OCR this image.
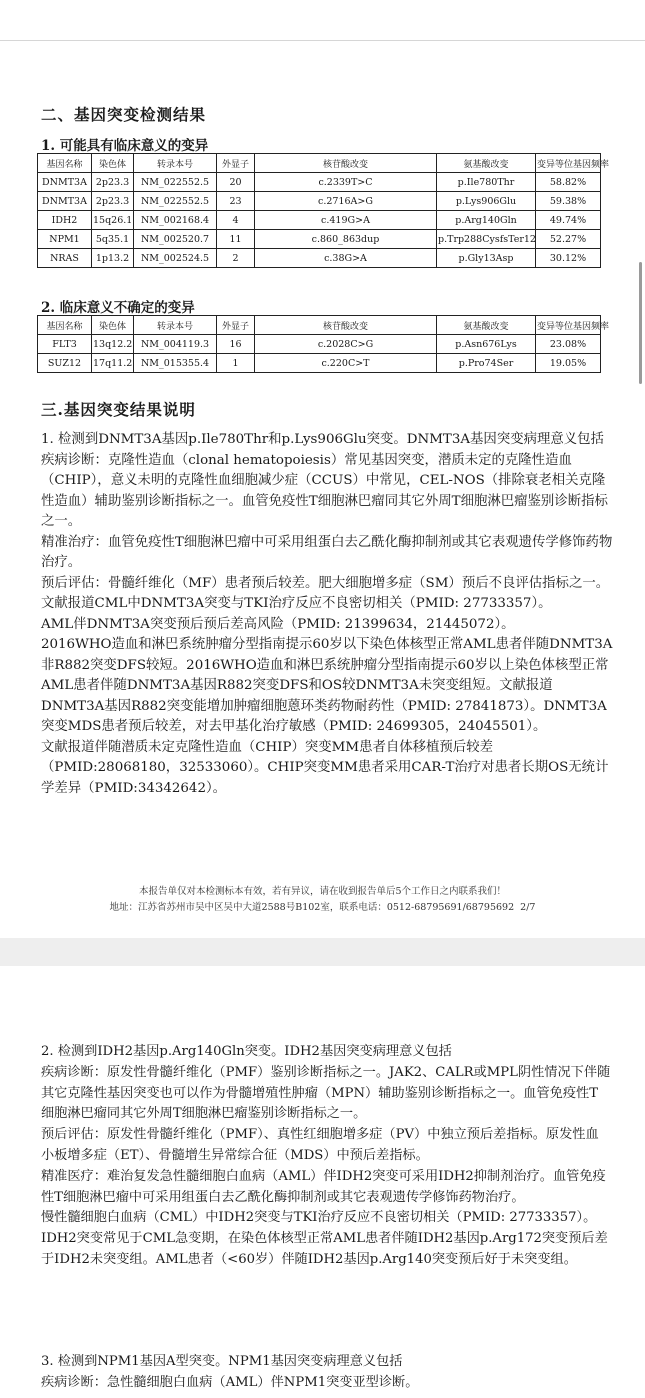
二、基因突变检测结果
1. 可能具有临床意义的变异
基因名称	染色体	转录本号	外显子	核苷酸改变	氨基酸改变	变异等位基因频率
DNMT3A	2p23.3	NM_022552.5	20	c.2339T>C	p.Ile780Thr	58.82%
DNMT3A	2p23.3	NM_022552.5	23	c.2716A>G	p.Lys906Glu	59.38%
IDH2	15q26.1	NM_002168.4	4	c.419G>A	p.Arg140Gln	49.74%
NPM1	5q35.1	NM_002520.7	11	c.860_863dup	p.Trp288CysfsTer12	52.27%
NRAS	1p13.2	NM_002524.5	2	c.38G>A	p.Gly13Asp	30.12%
2. 临床意义不确定的变异
基因名称	染色体	转录本号	外显子	核苷酸改变	氨基酸改变	变异等位基因频率
FLT3	13q12.2	NM_004119.3	16	c.2028C>G	p.Asn676Lys	23.08%
SUZ12	17q11.2	NM_015355.4	1	c.220C>T	p.Pro74Ser	19.05%
三.基因突变结果说明

1. 检测到DNMT3A基因p.Ile780Thr和p.Lys906Glu突变。DNMT3A基因突变病理意义包括

疾病诊断：克隆性造血（clonal hematopoiesis）常见基因突变，潜质未定的克隆性造血（CHIP），意义未明的克隆性血细胞减少症（CCUS）中常见，CEL-NOS（排除衰老相关克隆性造血）辅助鉴别诊断指标之一。血管免疫性T细胞淋巴瘤同其它外周T细胞淋巴瘤鉴别诊断指标之一。

精准治疗：血管免疫性T细胞淋巴瘤中可采用组蛋白去乙酰化酶抑制剂或其它表观遗传学修饰药物治疗。

预后评估：骨髓纤维化（MF）患者预后较差。肥大细胞增多症（SM）预后不良评估指标之一。

文献报道CML中DNMT3A突变与TKI治疗反应不良密切相关（PMID: 27733357）。

AML伴DNMT3A突变预后预后差高风险（PMID: 21399634，21445072）。

2016WHO造血和淋巴系统肿瘤分型指南提示60岁以下染色体核型正常AML患者伴随DNMT3A非R882突变DFS较短。2016WHO造血和淋巴系统肿瘤分型指南提示60岁以上染色体核型正常AML患者伴随DNMT3A基因R882突变DFS和OS较DNMT3A未突变组短。文献报道DNMT3A基因R882突变能增加肿瘤细胞蒽环类药物耐药性（PMID: 27841873）。DNMT3A突变MDS患者预后较差，对去甲基化治疗敏感（PMID: 24699305，24045501）。

文献报道伴随潜质未定克隆性造血（CHIP）突变MM患者自体移植预后较差（PMID:28068180，32533060）。CHIP突变MM患者采用CAR-T治疗对患者长期OS无统计学差异（PMID:34342642）。

本报告单仅对本检测标本有效，若有异议，请在收到报告单后5个工作日之内联系我们！
地址：江苏省苏州市吴中区吴中大道2588号B102室，联系电话：0512-68795691/68795692 2/7

2. 检测到IDH2基因p.Arg140Gln突变。IDH2基因突变病理意义包括

疾病诊断：原发性骨髓纤维化（PMF）鉴别诊断指标之一。JAK2、CALR或MPL阴性情况下伴随其它克隆性基因突变也可以作为骨髓增殖性肿瘤（MPN）辅助鉴别诊断指标之一。血管免疫性T细胞淋巴瘤同其它外周T细胞淋巴瘤鉴别诊断指标之一。

预后评估：原发性骨髓纤维化（PMF）、真性红细胞增多症（PV）中独立预后差指标。原发性血小板增多症（ET）、骨髓增生异常综合征（MDS）中预后差指标。

精准医疗：难治复发急性髓细胞白血病（AML）伴IDH2突变可采用IDH2抑制剂治疗。血管免疫性T细胞淋巴瘤中可采用组蛋白去乙酰化酶抑制剂或其它表观遗传学修饰药物治疗。

慢性髓细胞白血病（CML）中IDH2突变与TKI治疗反应不良密切相关（PMID: 27733357）。IDH2突变常见于CML急变期，在染色体核型正常AML患者伴随IDH2基因p.Arg172突变预后差于IDH2未突变组。AML患者（<60岁）伴随IDH2基因p.Arg140突变预后好于未突变组。

3. 检测到NPM1基因A型突变。NPM1基因突变病理意义包括

疾病诊断：急性髓细胞白血病（AML）伴NPM1突变亚型诊断。
